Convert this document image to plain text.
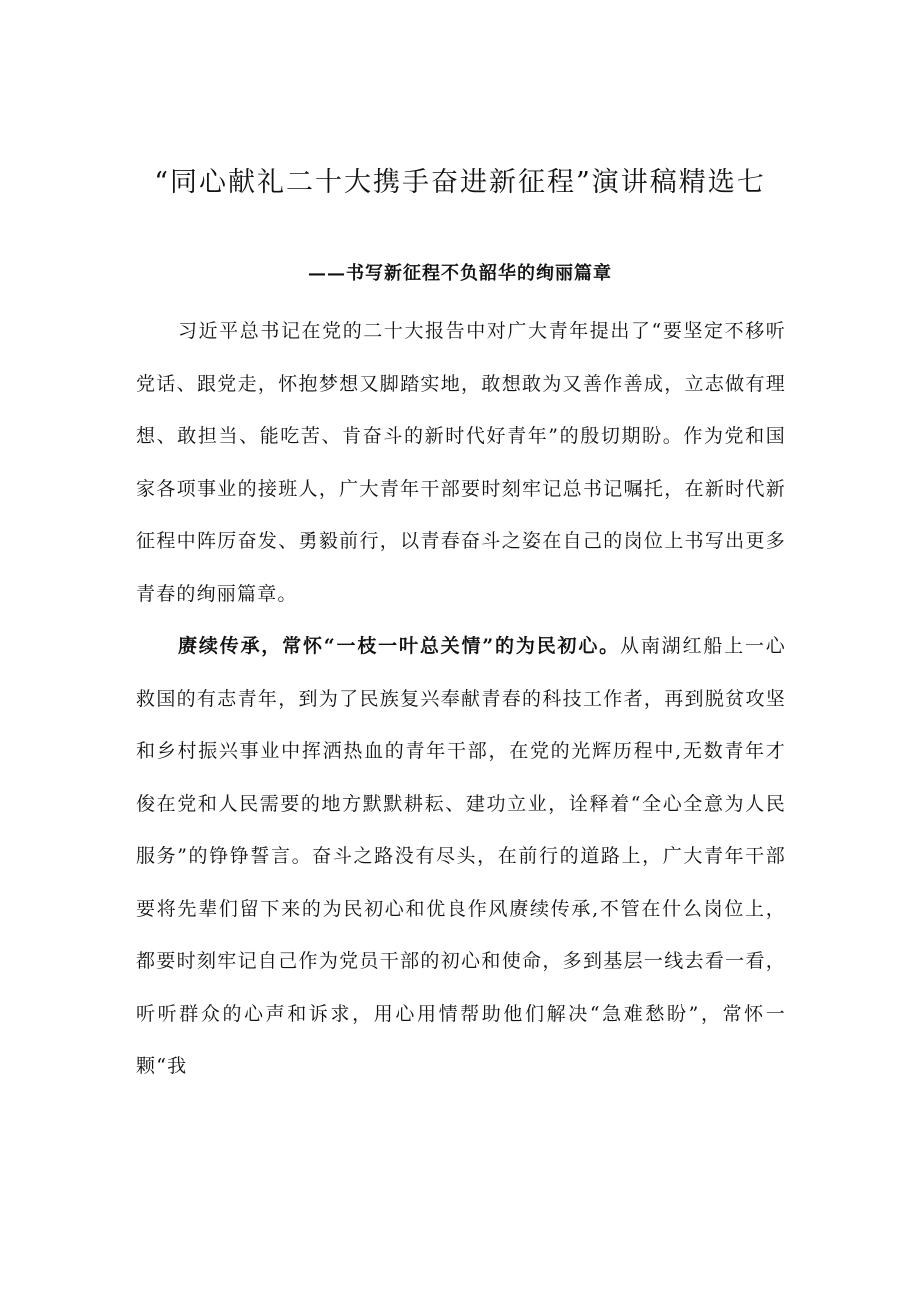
“同心献礼二十大携手奋进新征程”演讲稿精选七
——书写新征程不负韶华的绚丽篇章

习近平总书记在党的二十大报告中对广大青年提出了“要坚定不移听党话、跟党走，怀抱梦想又脚踏实地，敢想敢为又善作善成，立志做有理想、敢担当、能吃苦、肯奋斗的新时代好青年”的殷切期盼。作为党和国家各项事业的接班人，广大青年干部要时刻牢记总书记嘱托，在新时代新征程中阵厉奋发、勇毅前行，以青春奋斗之姿在自己的岗位上书写出更多青春的绚丽篇章。

赓续传承，常怀“一枝一叶总关情”的为民初心。从南湖红船上一心救国的有志青年，到为了民族复兴奉献青春的科技工作者，再到脱贫攻坚和乡村振兴事业中挥洒热血的青年干部，在党的光辉历程中,无数青年才俊在党和人民需要的地方默默耕耘、建功立业，诠释着“全心全意为人民服务”的铮铮誓言。奋斗之路没有尽头，在前行的道路上，广大青年干部要将先辈们留下来的为民初心和优良作风赓续传承,不管在什么岗位上，都要时刻牢记自己作为党员干部的初心和使命，多到基层一线去看一看，听听群众的心声和诉求，用心用情帮助他们解决“急难愁盼”，常怀一颗“我
